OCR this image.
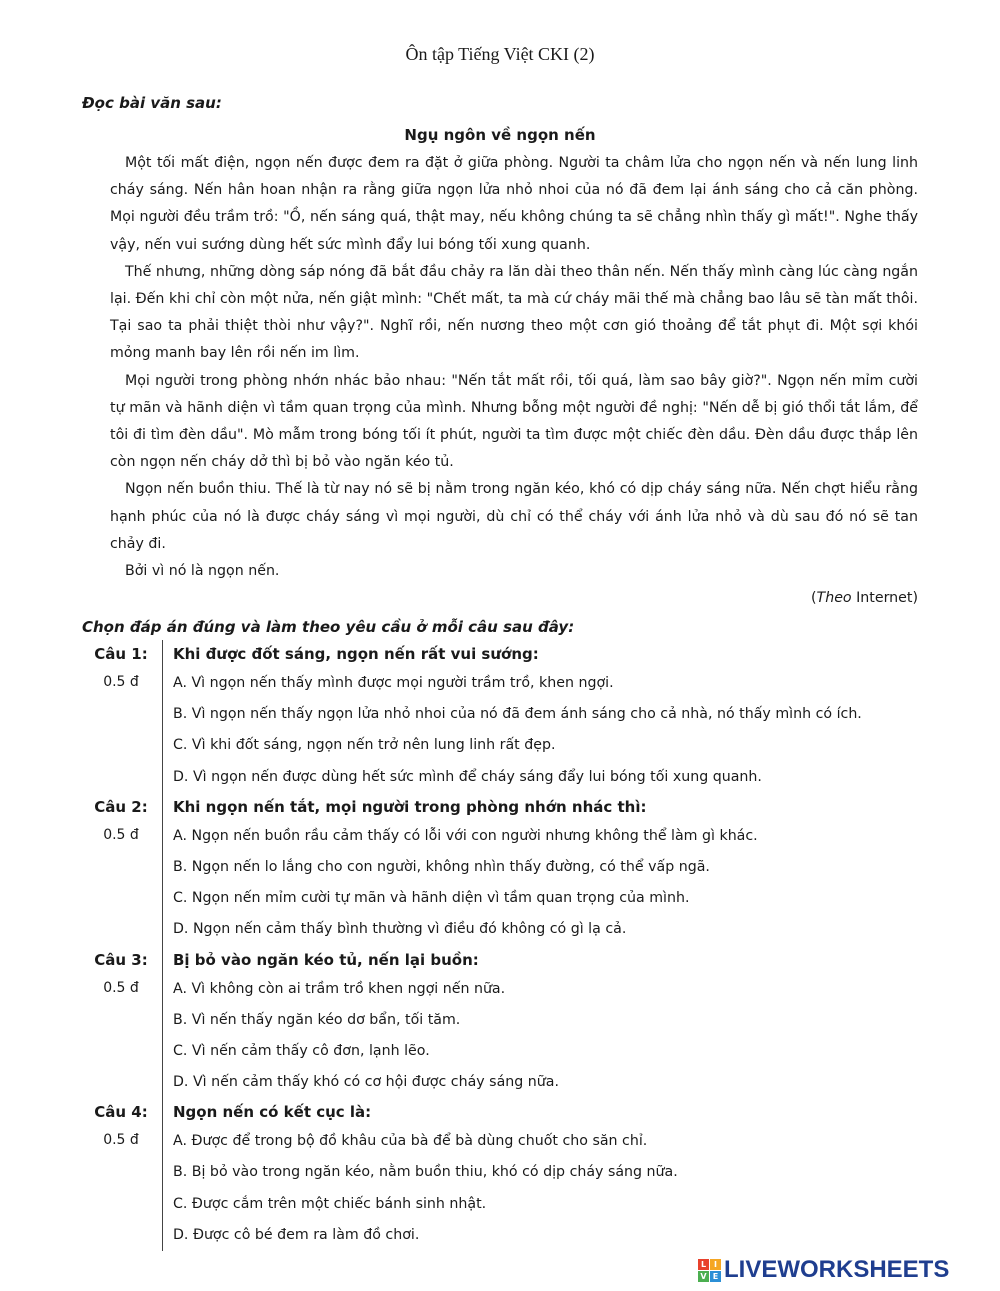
Ôn tập Tiếng Việt CKI (2)
Đọc bài văn sau:
Ngụ ngôn về ngọn nến

Một tối mất điện, ngọn nến được đem ra đặt ở giữa phòng. Người ta châm lửa cho ngọn nến và nến lung linh cháy sáng. Nến hân hoan nhận ra rằng giữa ngọn lửa nhỏ nhoi của nó đã đem lại ánh sáng cho cả căn phòng. Mọi người đều trầm trồ: "Ồ, nến sáng quá, thật may, nếu không chúng ta sẽ chẳng nhìn thấy gì mất!". Nghe thấy vậy, nến vui sướng dùng hết sức mình đẩy lui bóng tối xung quanh.

Thế nhưng, những dòng sáp nóng đã bắt đầu chảy ra lăn dài theo thân nến. Nến thấy mình càng lúc càng ngắn lại. Đến khi chỉ còn một nửa, nến giật mình: "Chết mất, ta mà cứ cháy mãi thế mà chẳng bao lâu sẽ tàn mất thôi. Tại sao ta phải thiệt thòi như vậy?". Nghĩ rồi, nến nương theo một cơn gió thoảng để tắt phụt đi. Một sợi khói mỏng manh bay lên rồi nến im lìm.

Mọi người trong phòng nhớn nhác bảo nhau: "Nến tắt mất rồi, tối quá, làm sao bây giờ?". Ngọn nến mỉm cười tự mãn và hãnh diện vì tầm quan trọng của mình. Nhưng bỗng một người đề nghị: "Nến dễ bị gió thổi tắt lắm, để tôi đi tìm đèn dầu". Mò mẫm trong bóng tối ít phút, người ta tìm được một chiếc đèn dầu. Đèn dầu được thắp lên còn ngọn nến cháy dở thì bị bỏ vào ngăn kéo tủ.

Ngọn nến buồn thiu. Thế là từ nay nó sẽ bị nằm trong ngăn kéo, khó có dịp cháy sáng nữa. Nến chợt hiểu rằng hạnh phúc của nó là được cháy sáng vì mọi người, dù chỉ có thể cháy với ánh lửa nhỏ và dù sau đó nó sẽ tan chảy đi.

Bởi vì nó là ngọn nến.

(Theo Internet)
Chọn đáp án đúng và làm theo yêu cầu ở mỗi câu sau đây:
Câu 1:
0.5 đ
Khi được đốt sáng, ngọn nến rất vui sướng:
A. Vì ngọn nến thấy mình được mọi người trầm trồ, khen ngợi.
B. Vì ngọn nến thấy ngọn lửa nhỏ nhoi của nó đã đem ánh sáng cho cả nhà, nó thấy mình có ích.
C. Vì khi đốt sáng, ngọn nến trở nên lung linh rất đẹp.
D. Vì ngọn nến được dùng hết sức mình để cháy sáng đẩy lui bóng tối xung quanh.
Câu 2:
0.5 đ
Khi ngọn nến tắt, mọi người trong phòng nhớn nhác thì:
A. Ngọn nến buồn rầu cảm thấy có lỗi với con người nhưng không thể làm gì khác.
B. Ngọn nến lo lắng cho con người, không nhìn thấy đường, có thể vấp ngã.
C. Ngọn nến mỉm cười tự mãn và hãnh diện vì tầm quan trọng của mình.
D. Ngọn nến cảm thấy bình thường vì điều đó không có gì lạ cả.
Câu 3:
0.5 đ
Bị bỏ vào ngăn kéo tủ, nến lại buồn:
A. Vì không còn ai trầm trồ khen ngợi nến nữa.
B. Vì nến thấy ngăn kéo dơ bẩn, tối tăm.
C. Vì nến cảm thấy cô đơn, lạnh lẽo.
D. Vì nến cảm thấy khó có cơ hội được cháy sáng nữa.
Câu 4:
0.5 đ
Ngọn nến có kết cục là:
A. Được để trong bộ đồ khâu của bà để bà dùng chuốt cho săn chỉ.
B. Bị bỏ vào trong ngăn kéo, nằm buồn thiu, khó có dịp cháy sáng nữa.
C. Được cắm trên một chiếc bánh sinh nhật.
D. Được cô bé đem ra làm đồ chơi.
L I
V E LIVEWORKSHEETS
